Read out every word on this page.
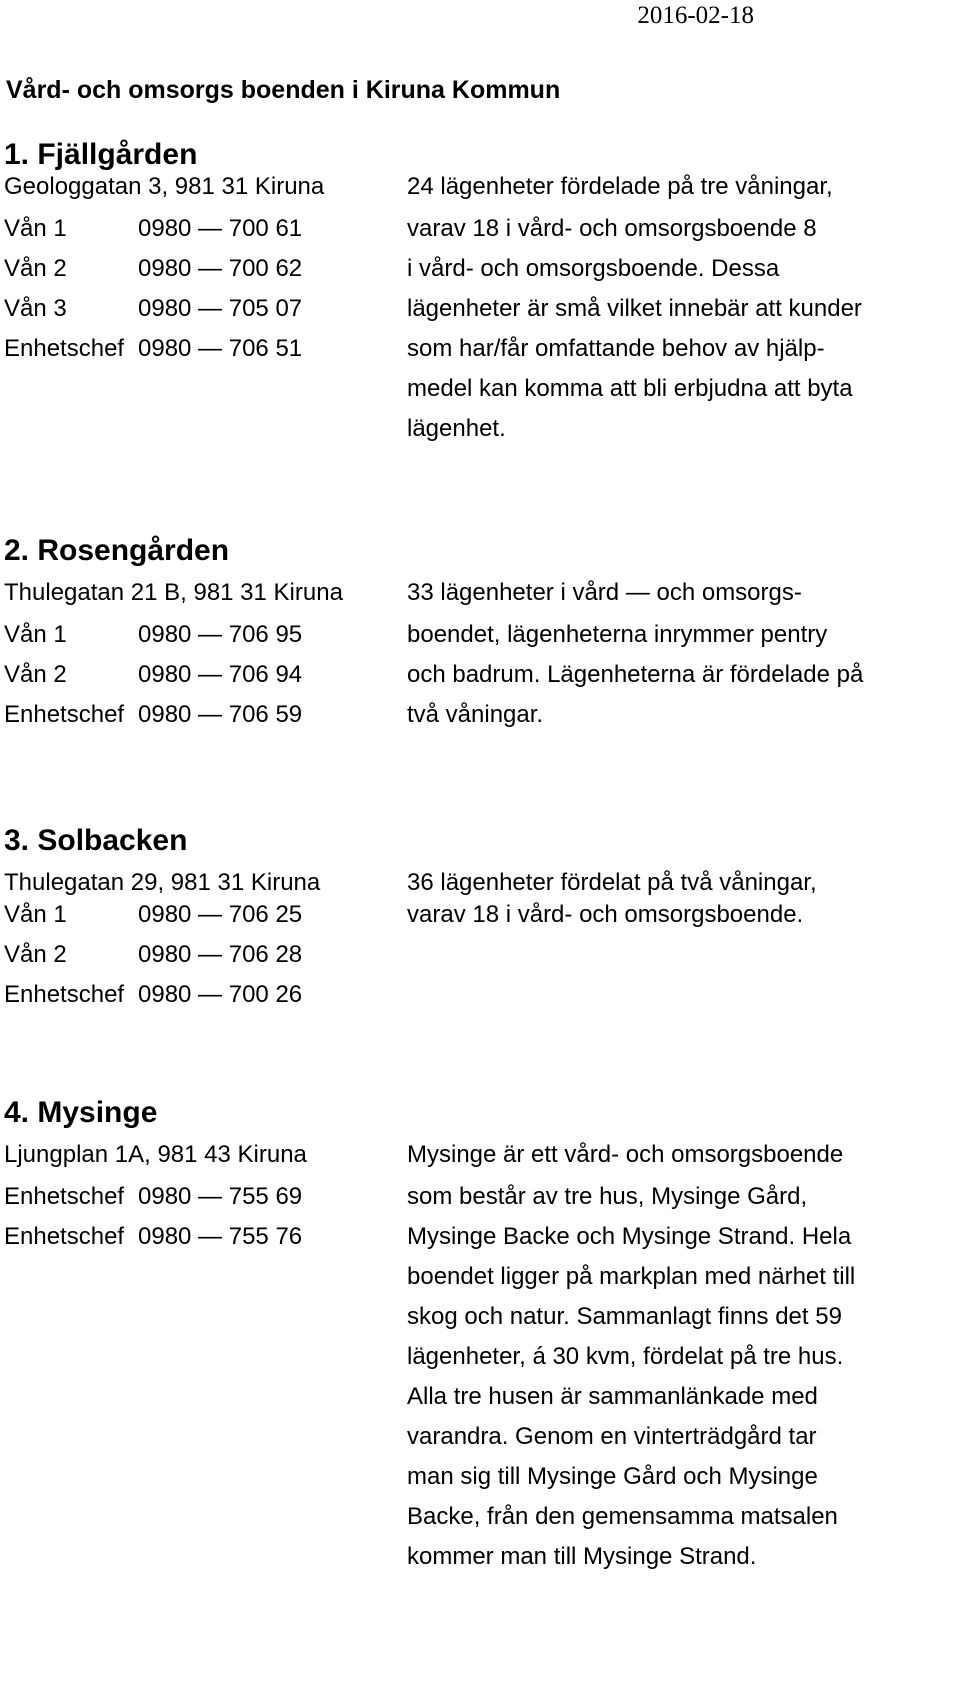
2016-02-18
Vård- och omsorgs boenden i Kiruna Kommun
1. Fjällgården
Geologgatan 3, 981 31 Kiruna
Vån 1	0980 — 700 61
Vån 2	0980 — 700 62
Vån 3	0980 — 705 07
Enhetschef 0980 — 706 51
24 lägenheter fördelade på tre våningar,
varav 18 i vård- och omsorgsboende 8
i vård- och omsorgsboende. Dessa
lägenheter är små vilket innebär att kunder
som har/får omfattande behov av hjälp-
medel kan komma att bli erbjudna att byta
lägenhet.
2. Rosengården
Thulegatan 21 B, 981 31 Kiruna
Vån 1	0980 — 706 95
Vån 2	0980 — 706 94
Enhetschef 0980 — 706 59
33 lägenheter i vård — och omsorgs-
boendet, lägenheterna inrymmer pentry
och badrum. Lägenheterna är fördelade på
två våningar.
3. Solbacken
Thulegatan 29, 981 31 Kiruna
Vån 1	0980 — 706 25
Vån 2	0980 — 706 28
Enhetschef 0980 — 700 26
36 lägenheter fördelat på två våningar,
varav 18 i vård- och omsorgsboende.
4. Mysinge
Ljungplan 1A, 981 43 Kiruna
Enhetschef 0980 — 755 69
Enhetschef 0980 — 755 76
Mysinge är ett vård- och omsorgsboende
som består av tre hus, Mysinge Gård,
Mysinge Backe och Mysinge Strand. Hela
boendet ligger på markplan med närhet till
skog och natur. Sammanlagt finns det 59
lägenheter, á 30 kvm, fördelat på tre hus.
Alla tre husen är sammanlänkade med
varandra. Genom en vinterträdgård tar
man sig till Mysinge Gård och Mysinge
Backe, från den gemensamma matsalen
kommer man till Mysinge Strand.
